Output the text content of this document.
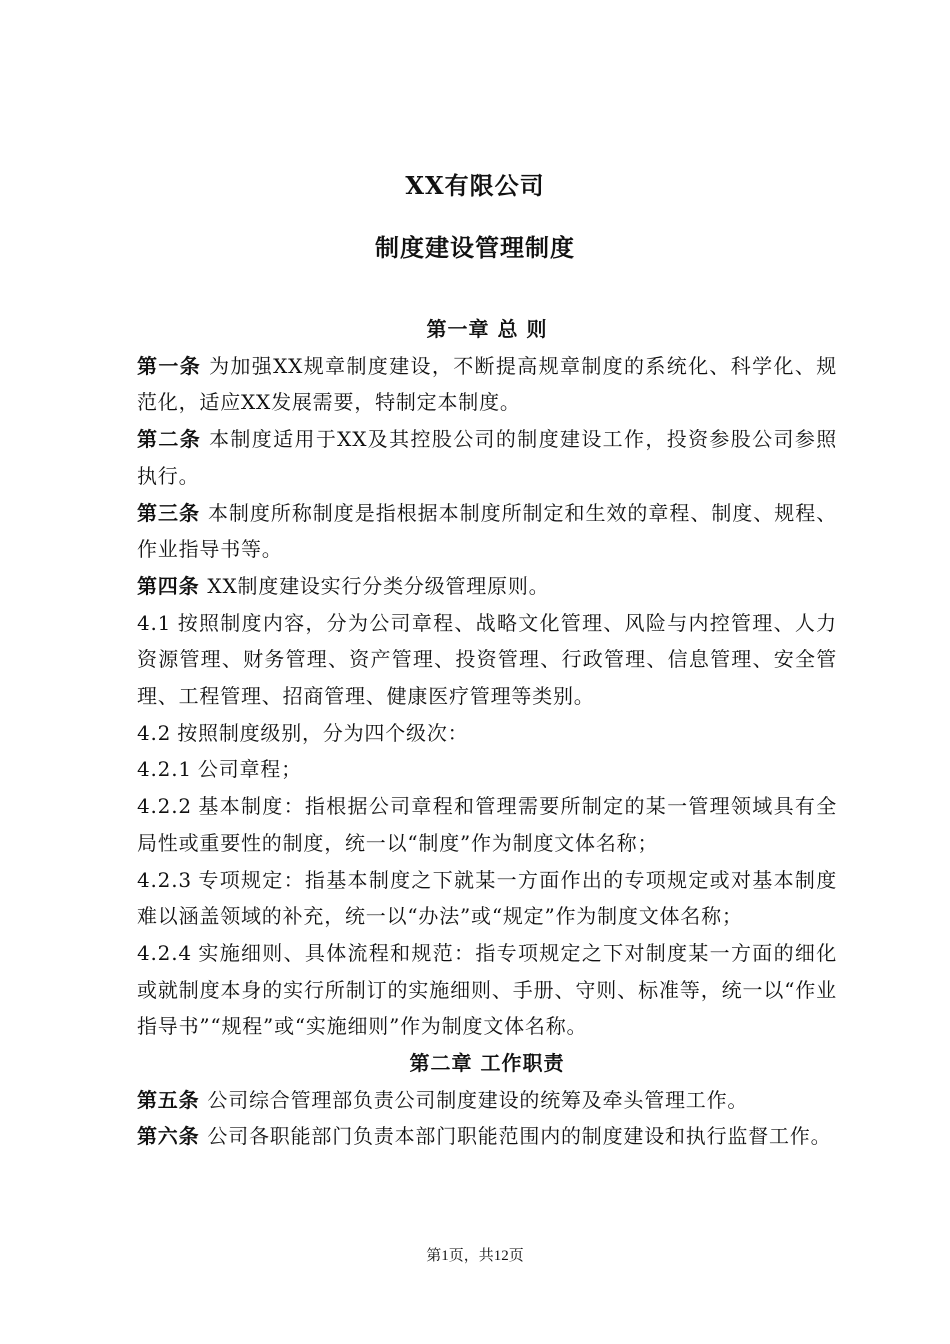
XX有限公司
制度建设管理制度

第一章 总 则

第一条 为加强XX规章制度建设，不断提高规章制度的系统化、科学化、规范化，适应XX发展需要，特制定本制度。

第二条 本制度适用于XX及其控股公司的制度建设工作，投资参股公司参照执行。

第三条 本制度所称制度是指根据本制度所制定和生效的章程、制度、规程、作业指导书等。

第四条 XX制度建设实行分类分级管理原则。

4.1 按照制度内容，分为公司章程、战略文化管理、风险与内控管理、人力资源管理、财务管理、资产管理、投资管理、行政管理、信息管理、安全管理、工程管理、招商管理、健康医疗管理等类别。

4.2 按照制度级别，分为四个级次：

4.2.1 公司章程；

4.2.2 基本制度：指根据公司章程和管理需要所制定的某一管理领域具有全局性或重要性的制度，统一以“制度”作为制度文体名称；

4.2.3 专项规定：指基本制度之下就某一方面作出的专项规定或对基本制度难以涵盖领域的补充，统一以“办法”或“规定”作为制度文体名称；

4.2.4 实施细则、具体流程和规范：指专项规定之下对制度某一方面的细化或就制度本身的实行所制订的实施细则、手册、守则、标准等，统一以“作业指导书”“规程”或“实施细则”作为制度文体名称。

第二章 工作职责

第五条 公司综合管理部负责公司制度建设的统筹及牵头管理工作。

第六条 公司各职能部门负责本部门职能范围内的制度建设和执行监督工作。

第1页，共12页
